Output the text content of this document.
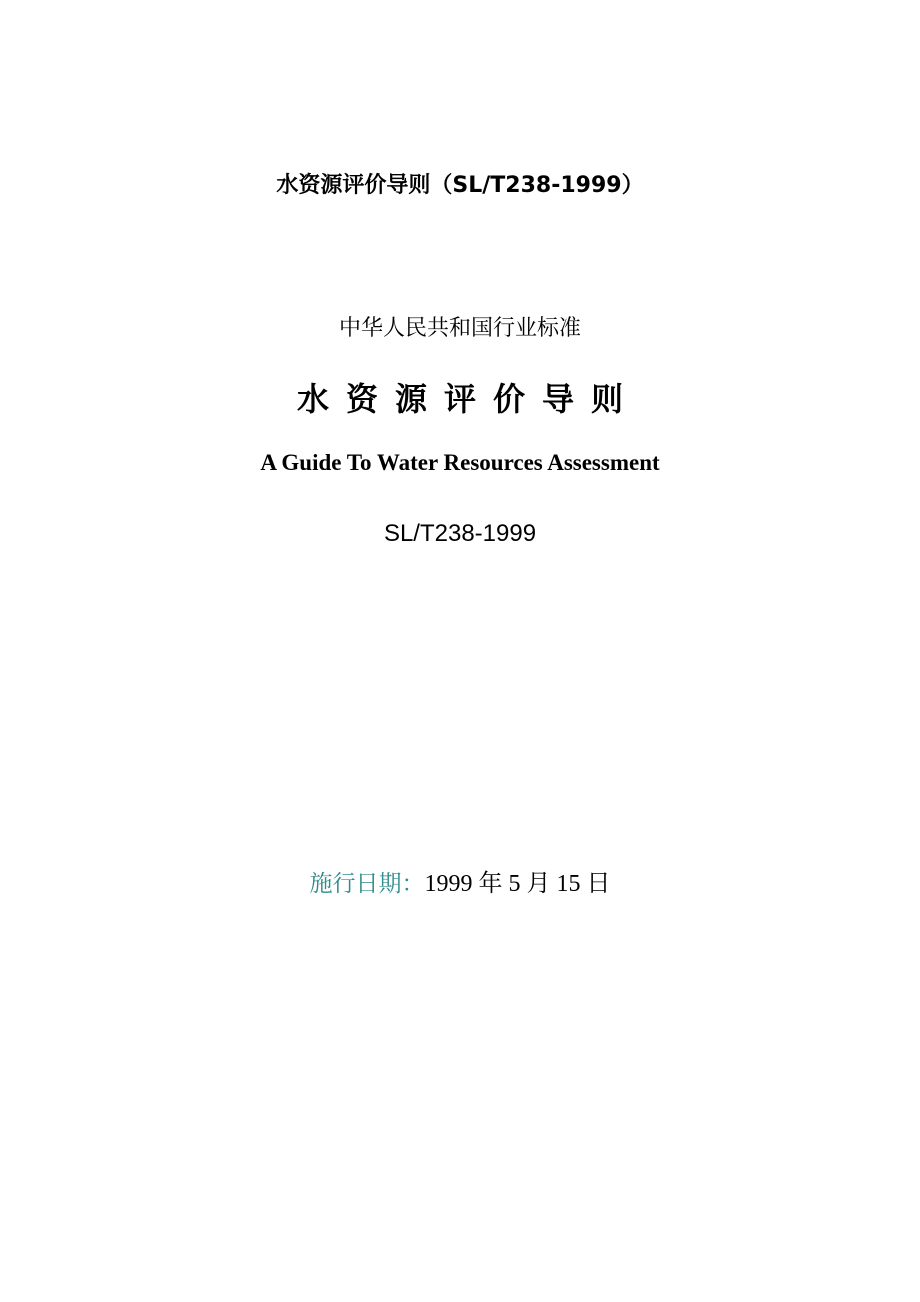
水资源评价导则（SL/T238-1999）
中华人民共和国行业标准
水资源评价导则
A Guide To Water Resources Assessment
SL/T238-1999
施行日期：1999 年 5 月 15 日
